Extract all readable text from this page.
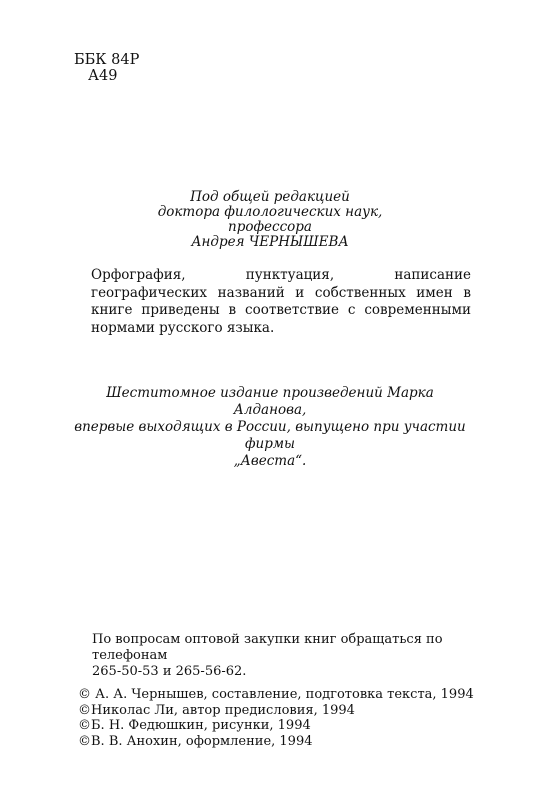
ББК 84Р
А49
Под общей редакцией
доктора филологических наук, профессора
Андрея ЧЕРНЫШЕВА
Орфография, пунктуация, написание географических названий и собственных имен в книге приведены в соответствие с современными нормами русского языка.
Шеститомное издание произведений Марка Алданова,
впервые выходящих в России, выпущено при участии фирмы
„Авеста“.
По вопросам оптовой закупки книг обращаться по телефонам
265-50-53 и 265-56-62.
© А. А. Чернышев, составление, подготовка текста, 1994
©Николас Ли, автор предисловия, 1994
©Б. Н. Федюшкин, рисунки, 1994
©В. В. Анохин, оформление, 1994
